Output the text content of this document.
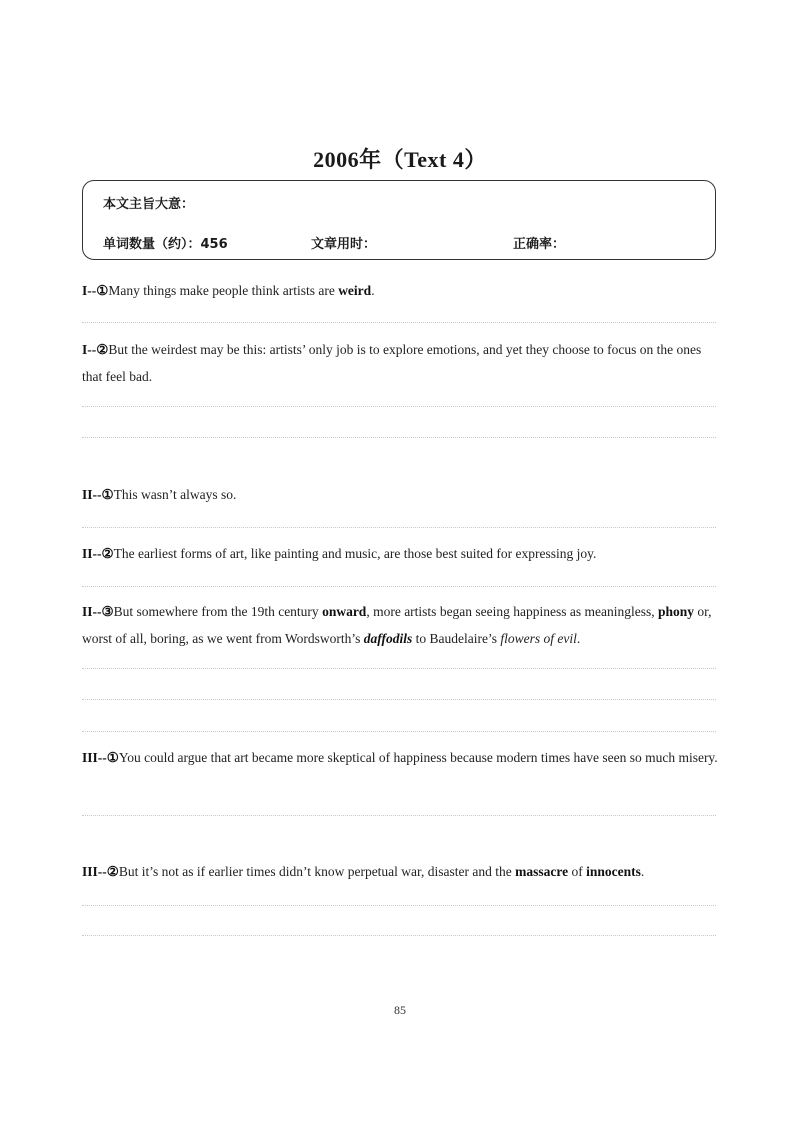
2006年（Text 4）
本文主旨大意：
单词数量（约）：456	文章用时：	正确率：
I--①Many things make people think artists are weird.
I--②But the weirdest may be this: artists’ only job is to explore emotions, and yet they choose to focus on the ones that feel bad.
II--①This wasn’t always so.
II--②The earliest forms of art, like painting and music, are those best suited for expressing joy.
II--③But somewhere from the 19th century onward, more artists began seeing happiness as meaningless, phony or, worst of all, boring, as we went from Wordsworth’s daffodils to Baudelaire’s flowers of evil.
III--①You could argue that art became more skeptical of happiness because modern times have seen so much misery.
III--②But it’s not as if earlier times didn’t know perpetual war, disaster and the massacre of innocents.
85
